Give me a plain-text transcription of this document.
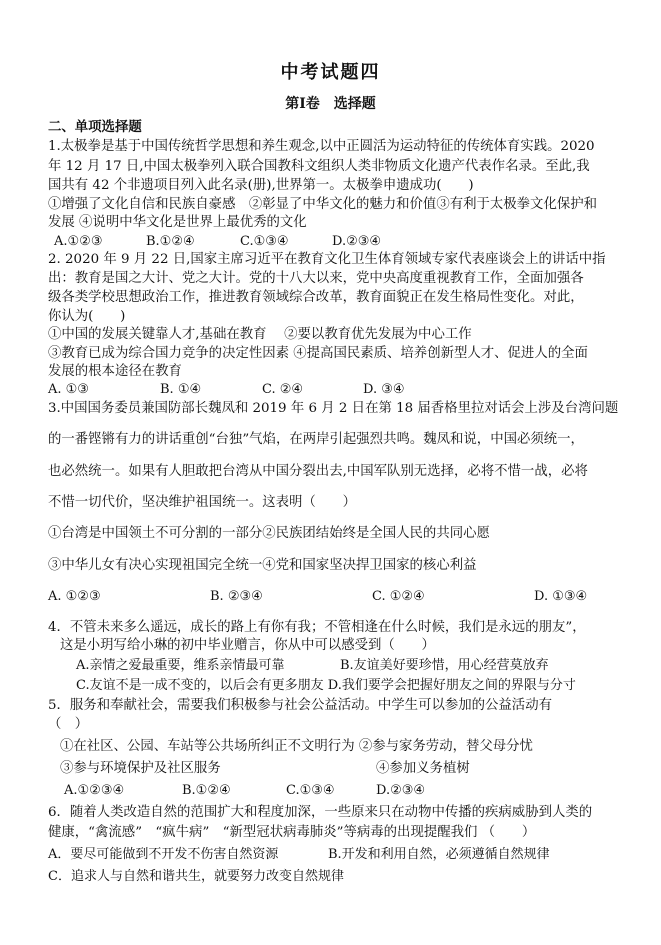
中考试题四
第Ⅰ卷　选择题
二、单项选择题
1.太极拳是基于中国传统哲学思想和养生观念,以中正圆活为运动特征的传统体育实践。2020
年 12 月 17 日,中国太极拳列入联合国教科文组织人类非物质文化遗产代表作名录。至此,我
国共有 42 个非遗项目列入此名录(册),世界第一。太极拳申遗成功(　　)
①增强了文化自信和民族自豪感　②彰显了中华文化的魅力和价值③有利于太极拳文化保护和
发展 ④说明中华文化是世界上最优秀的文化
A.①②③	B.①②④	C.①③④	D.②③④
2. 2020 年 9 月 22 日,国家主席习近平在教育文化卫生体育领域专家代表座谈会上的讲话中指
出：教育是国之大计、党之大计。党的十八大以来，党中央高度重视教育工作，全面加强各
级各类学校思想政治工作，推进教育领域综合改革，教育面貌正在发生格局性变化。对此，
你认为(　　)
①中国的发展关键靠人才,基础在教育　 ②要以教育优先发展为中心工作
③教育已成为综合国力竞争的决定性因素 ④提高国民素质、培养创新型人才、促进人的全面
发展的根本途径在教育
A. ①③	B. ①④	C. ②④	D. ③④
3.中国国务委员兼国防部长魏凤和 2019 年 6 月 2 日在第 18 届香格里拉对话会上涉及台湾问题
的一番铿锵有力的讲话重创“台独”气焰，在两岸引起强烈共鸣。魏凤和说，中国必须统一，
也必然统一。如果有人胆敢把台湾从中国分裂出去,中国军队别无选择，必将不惜一战，必将
不惜一切代价，坚决维护祖国统一。这表明（　　）
①台湾是中国领土不可分割的一部分②民族团结始终是全国人民的共同心愿
③中华儿女有决心实现祖国完全统一④党和国家坚决捍卫国家的核心利益
A. ①②③	B. ②③④	C. ①②④	D. ①③④
4．不管未来多么遥远，成长的路上有你有我；不管相逢在什么时候，我们是永远的朋友”，
这是小玥写给小琳的初中毕业赠言，你从中可以感受到（　　）
A.亲情之爱最重要，维系亲情最可靠	B.友谊美好要珍惜，用心经营莫放弃
C.友谊不是一成不变的，以后会有更多朋友 D.我们要学会把握好朋友之间的界限与分寸
5．服务和奉献社会，需要我们积极参与社会公益活动。中学生可以参加的公益活动有
（　）
①在社区、公园、车站等公共场所纠正不文明行为 ②参与家务劳动，替父母分忧
③参与环境保护及社区服务	④参加义务植树
A.①②③④	B.①②④	C.①③④	D.②③④
6．随着人类改造自然的范围扩大和程度加深，一些原来只在动物中传播的疾病威胁到人类的
健康，“禽流感”　“疯牛病”　“新型冠状病毒肺炎”等病毒的出现提醒我们 （　　）
A．要尽可能做到不开发不伤害自然资源	B.开发和利用自然，必须遵循自然规律
C．追求人与自然和谐共生，就要努力改变自然规律
